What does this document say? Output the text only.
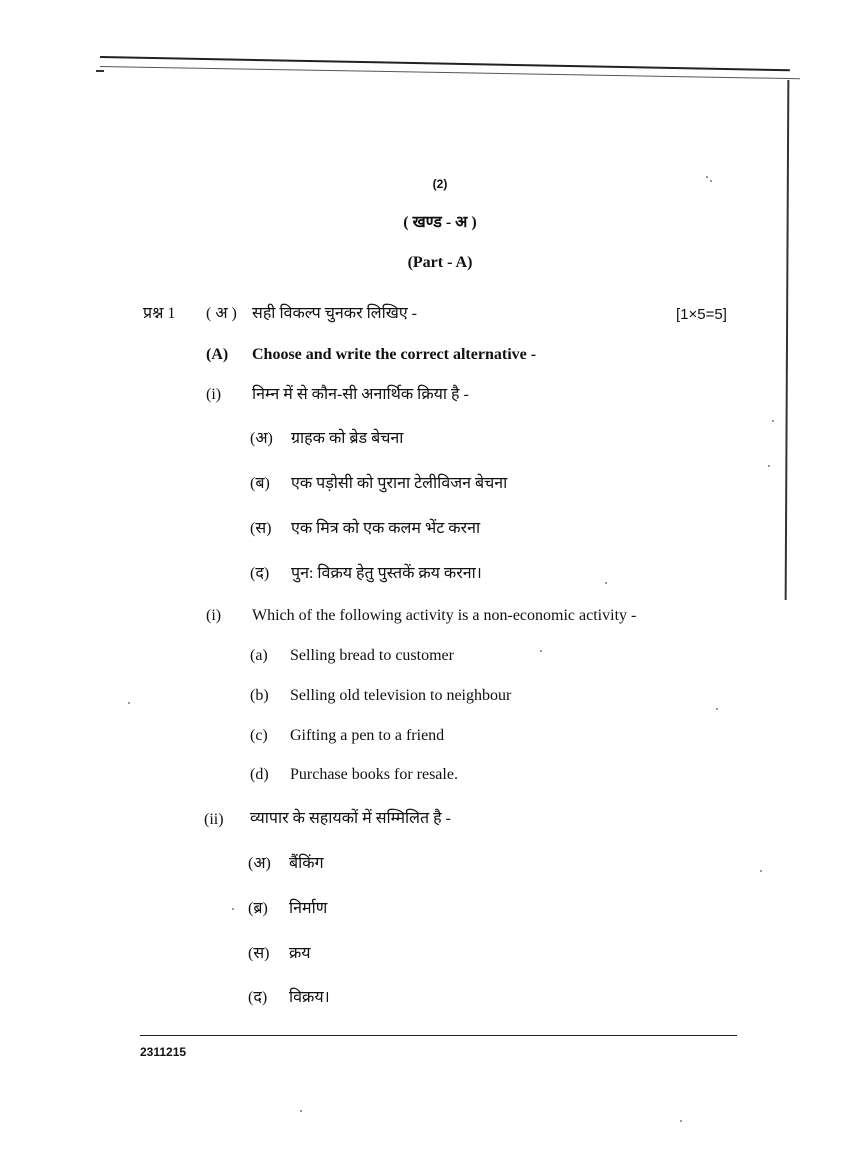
(2)
( खण्ड - अ )
(Part - A)
प्रश्न 1 ( अ ) सही विकल्प चुनकर लिखिए -	[1×5=5]
(A) Choose and write the correct alternative -
(i) निम्न में से कौन-सी अनार्थिक क्रिया है -
(अ) ग्राहक को ब्रेड बेचना
(ब) एक पड़ोसी को पुराना टेलीविजन बेचना
(स) एक मित्र को एक कलम भेंट करना
(द) पुन: विक्रय हेतु पुस्तकें क्रय करना।
(i) Which of the following activity is a non-economic activity -
(a) Selling bread to customer
(b) Selling old television to neighbour
(c) Gifting a pen to a friend
(d) Purchase books for resale.
(ii) व्यापार के सहायकों में सम्मिलित है -
(अ) बैंकिंग
(ब्र) निर्माण
(स) क्रय
(द) विक्रय।
2311215
